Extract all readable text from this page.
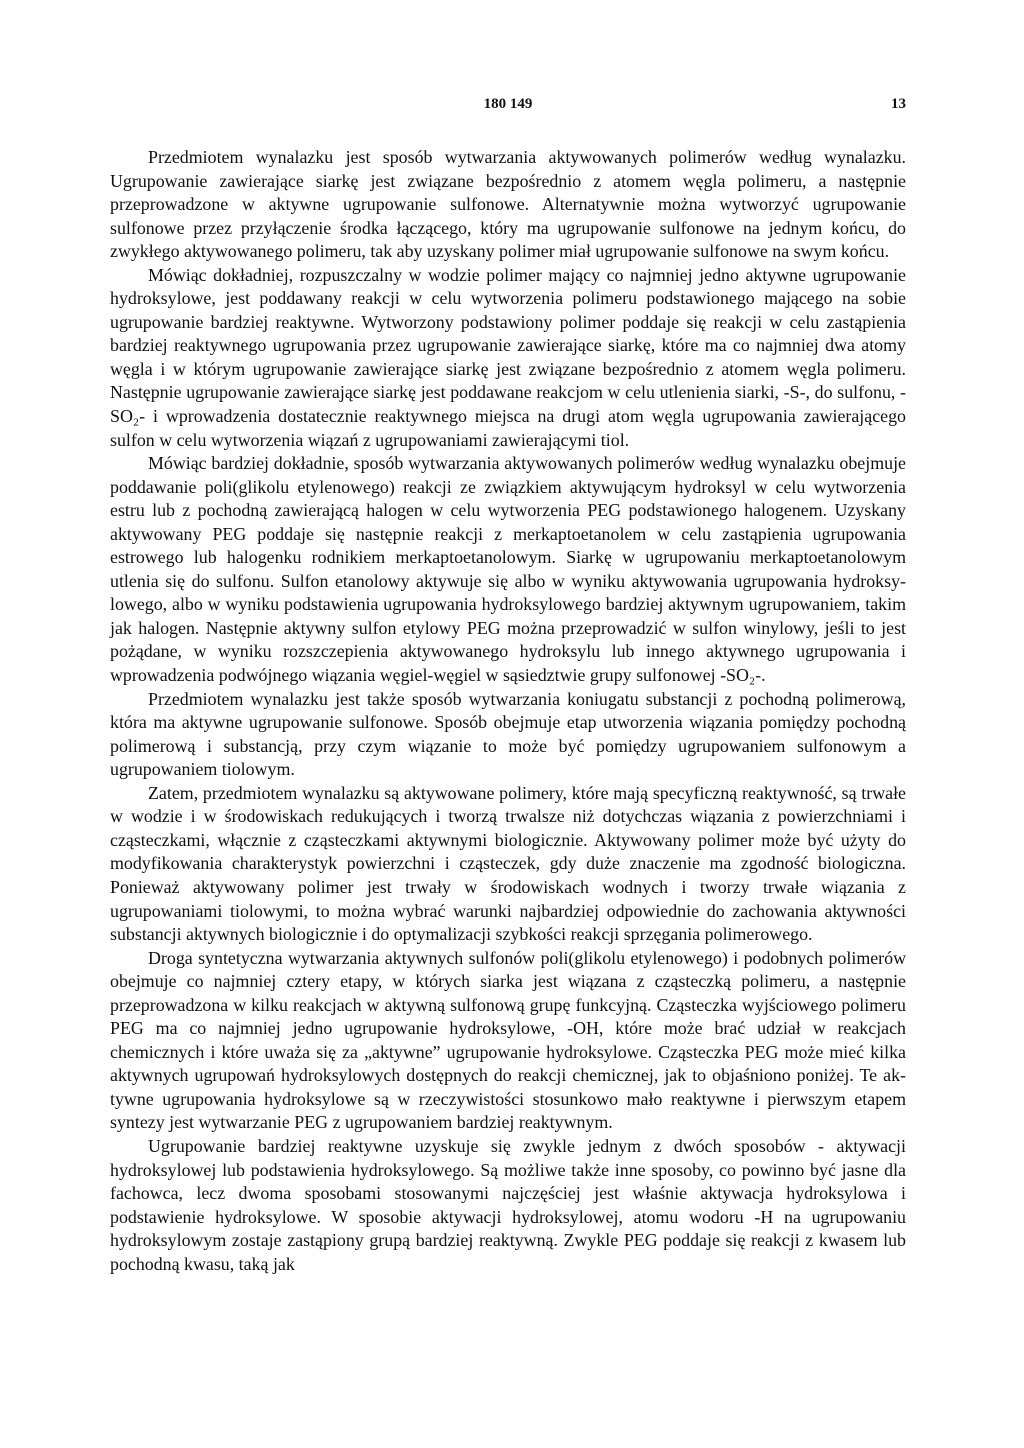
180 149	13

Przedmiotem wynalazku jest sposób wytwarzania aktywowanych polimerów według wynalazku. Ugrupowanie zawierające siarkę jest związane bezpośrednio z atomem węgla polimeru, a następnie przeprowadzone w aktywne ugrupowanie sulfonowe. Alternatywnie można wytworzyć ugrupowanie sulfonowe przez przyłączenie środka łączącego, który ma ugrupowanie sulfonowe na jednym końcu, do zwykłego aktywowanego polimeru, tak aby uzyskany polimer miał ugrupowanie sulfonowe na swym końcu.

Mówiąc dokładniej, rozpuszczalny w wodzie polimer mający co najmniej jedno aktywne ugrupowanie hydroksylowe, jest poddawany reakcji w celu wytworzenia polimeru podstawionego mającego na sobie ugrupowanie bardziej reaktywne. Wytworzony podstawiony polimer poddaje się reakcji w celu zastąpienia bardziej reaktywnego ugrupowania przez ugrupowanie zawierające siarkę, które ma co najmniej dwa atomy węgla i w którym ugrupowanie zawierające siarkę jest związane bezpośrednio z atomem węgla polimeru. Następnie ugrupowanie zawierające siarkę jest poddawane reakcjom w celu utlenienia siarki, -S-, do sulfonu, -SO₂- i wprowadzenia dostatecznie reaktywnego miejsca na drugi atom węgla ugrupowania zawierającego sulfon w celu wytworzenia wiązań z ugrupowaniami zawierającymi tiol.

Mówiąc bardziej dokładnie, sposób wytwarzania aktywowanych polimerów według wynalazku obejmuje poddawanie poli(glikolu etylenowego) reakcji ze związkiem aktywującym hydroksyl w celu wytworzenia estru lub z pochodną zawierającą halogen w celu wytworzenia PEG podstawionego halogenem. Uzyskany aktywowany PEG poddaje się następnie reakcji z merkaptoetanolem w celu zastąpienia ugrupowania estrowego lub halogenku rodnikiem merkaptoetanolowym. Siarkę w ugrupowaniu merkaptoetanolowym utlenia się do sulfonu. Sulfon etanolowy aktywuje się albo w wyniku aktywowania ugrupowania hydroksylowego, albo w wyniku podstawienia ugrupowania hydroksylowego bardziej aktywnym ugrupowaniem, takim jak halogen. Następnie aktywny sulfon etylowy PEG można przeprowadzić w sulfon winylowy, jeśli to jest pożądane, w wyniku rozszczepienia aktywowanego hydroksylu lub innego aktywnego ugrupowania i wprowadzenia podwójnego wiązania węgiel-węgiel w sąsiedztwie grupy sulfonowej -SO₂-.

Przedmiotem wynalazku jest także sposób wytwarzania koniugatu substancji z pochodną polimerową, która ma aktywne ugrupowanie sulfonowe. Sposób obejmuje etap utworzenia wiązania pomiędzy pochodną polimerową i substancją, przy czym wiązanie to może być pomiędzy ugrupowaniem sulfonowym a ugrupowaniem tiolowym.

Zatem, przedmiotem wynalazku są aktywowane polimery, które mają specyficzną reaktywność, są trwałe w wodzie i w środowiskach redukujących i tworzą trwalsze niż dotychczas wiązania z powierzchniami i cząsteczkami, włącznie z cząsteczkami aktywnymi biologicznie. Aktywowany polimer może być użyty do modyfikowania charakterystyk powierzchni i cząsteczek, gdy duże znaczenie ma zgodność biologiczna. Ponieważ aktywowany polimer jest trwały w środowiskach wodnych i tworzy trwałe wiązania z ugrupowaniami tiolowymi, to można wybrać warunki najbardziej odpowiednie do zachowania aktywności substancji aktywnych biologicznie i do optymalizacji szybkości reakcji sprzęgania polimerowego.

Droga syntetyczna wytwarzania aktywnych sulfonów poli(glikolu etylenowego) i podobnych polimerów obejmuje co najmniej cztery etapy, w których siarka jest wiązana z cząsteczką polimeru, a następnie przeprowadzona w kilku reakcjach w aktywną sulfonową grupę funkcyjną. Cząsteczka wyjściowego polimeru PEG ma co najmniej jedno ugrupowanie hydroksylowe, -OH, które może brać udział w reakcjach chemicznych i które uważa się za „aktywne” ugrupowanie hydroksylowe. Cząsteczka PEG może mieć kilka aktywnych ugrupowań hydroksylowych dostępnych do reakcji chemicznej, jak to objaśniono poniżej. Te aktywne ugrupowania hydroksylowe są w rzeczywistości stosunkowo mało reaktywne i pierwszym etapem syntezy jest wytwarzanie PEG z ugrupowaniem bardziej reaktywnym.

Ugrupowanie bardziej reaktywne uzyskuje się zwykle jednym z dwóch sposobów - aktywacji hydroksylowej lub podstawienia hydroksylowego. Są możliwe także inne sposoby, co powinno być jasne dla fachowca, lecz dwoma sposobami stosowanymi najczęściej jest właśnie aktywacja hydroksylowa i podstawienie hydroksylowe. W sposobie aktywacji hydroksylowej, atomu wodoru -H na ugrupowaniu hydroksylowym zostaje zastąpiony grupą bardziej reaktywną. Zwykle PEG poddaje się reakcji z kwasem lub pochodną kwasu, taką jak
